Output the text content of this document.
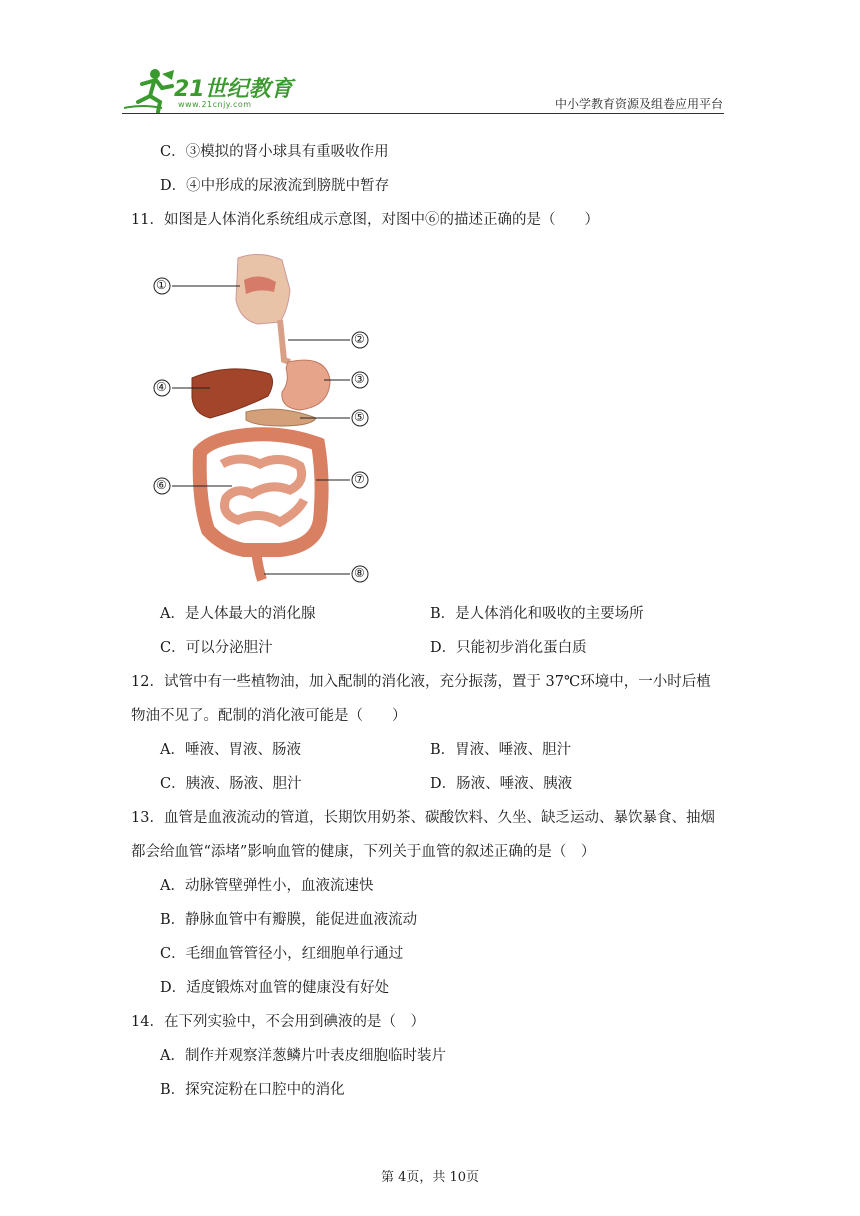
21世纪教育
www.21cnjy.com	中小学教育资源及组卷应用平台
C．③模拟的肾小球具有重吸收作用
D．④中形成的尿液流到膀胱中暂存
11．如图是人体消化系统组成示意图，对图中⑥的描述正确的是（　　）
①
②
③
④
⑤
⑥	⑦
⑧
A．是人体最大的消化腺	B．是人体消化和吸收的主要场所
C．可以分泌胆汁	D．只能初步消化蛋白质
12．试管中有一些植物油，加入配制的消化液，充分振荡，置于 37℃环境中，一小时后植
物油不见了。配制的消化液可能是（　　）
A．唾液、胃液、肠液	B．胃液、唾液、胆汁
C．胰液、肠液、胆汁	D．肠液、唾液、胰液
13．血管是血液流动的管道，长期饮用奶茶、碳酸饮料、久坐、缺乏运动、暴饮暴食、抽烟
都会给血管“添堵”影响血管的健康，下列关于血管的叙述正确的是（　）
A．动脉管壁弹性小，血液流速快
B．静脉血管中有瓣膜，能促进血液流动
C．毛细血管管径小，红细胞单行通过
D．适度锻炼对血管的健康没有好处
14．在下列实验中，不会用到碘液的是（　）
A．制作并观察洋葱鳞片叶表皮细胞临时装片
B．探究淀粉在口腔中的消化
第 4页，共 10页
